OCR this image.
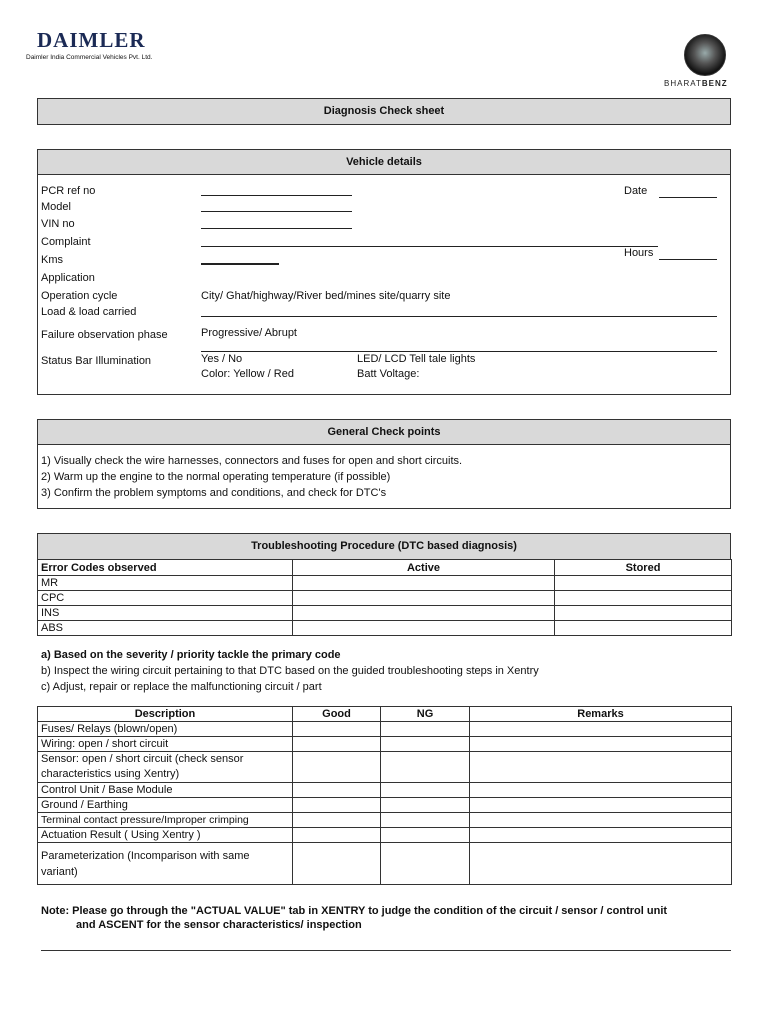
DAIMLER
Daimler India Commercial Vehicles Pvt. Ltd.
BHARATBENZ
Diagnosis Check sheet
Vehicle details
PCR ref no
Model
VIN no
Complaint
Kms
Application
Operation cycle	City/ Ghat/highway/River bed/mines site/quarry site
Load & load carried
Failure observation phase	Progressive/ Abrupt
Status Bar Illumination	Yes / No
Color: Yellow / Red
LED/ LCD Tell tale lights
Batt Voltage:
Date
Hours
General Check points
1) Visually check the wire harnesses, connectors and fuses for open and short circuits.
2) Warm up the engine to the normal operating temperature (if possible)
3) Confirm the problem symptoms and conditions, and check for DTC's
Troubleshooting Procedure (DTC based diagnosis)
Error Codes observed	Active	Stored
MR		
CPC		
INS		
ABS		
a) Based on the severity / priority tackle the primary code
b) Inspect the wiring circuit pertaining to that DTC based on the guided troubleshooting steps in Xentry
c) Adjust, repair or replace the malfunctioning circuit / part
Description	Good	NG	Remarks
Fuses/ Relays (blown/open)			
Wiring: open / short circuit			
Sensor: open / short circuit (check sensor characteristics using Xentry)			
Control Unit / Base Module			
Ground / Earthing			
Terminal contact pressure/Improper crimping			
Actuation Result ( Using Xentry )			
Parameterization (Incomparison with same variant)			
Note: Please go through the "ACTUAL VALUE" tab in XENTRY to judge the condition of the circuit / sensor / control unit
and ASCENT for the sensor characteristics/ inspection
